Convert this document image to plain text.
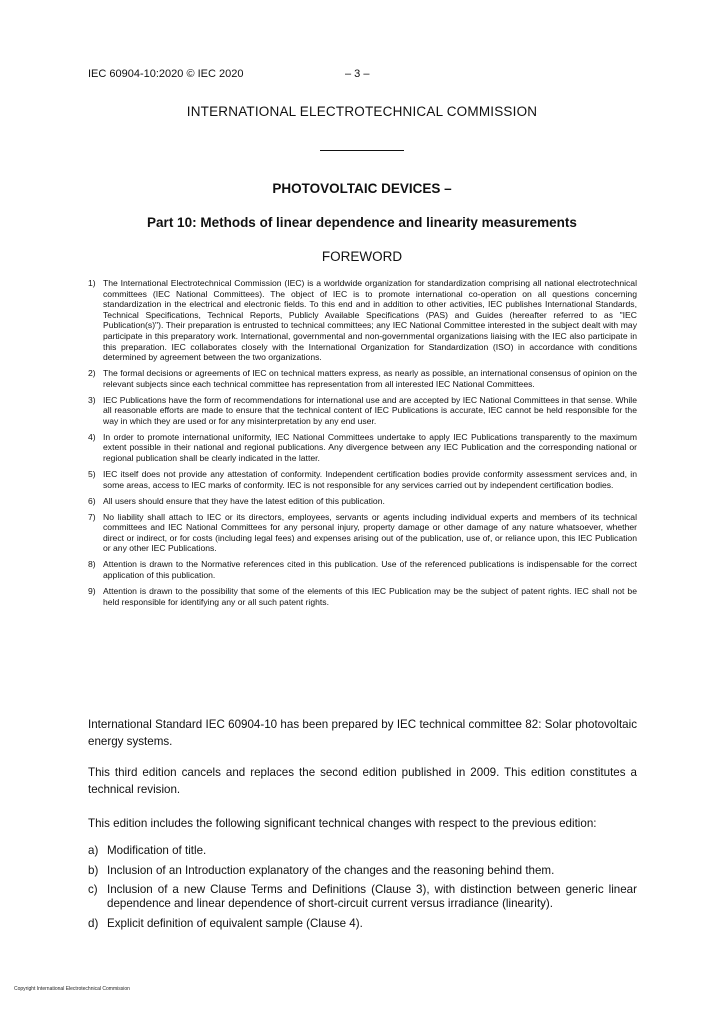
IEC 60904-10:2020 © IEC 2020	– 3 –
INTERNATIONAL ELECTROTECHNICAL COMMISSION
PHOTOVOLTAIC DEVICES –
Part 10: Methods of linear dependence and linearity measurements
FOREWORD
1) The International Electrotechnical Commission (IEC) is a worldwide organization for standardization comprising all national electrotechnical committees (IEC National Committees). The object of IEC is to promote international co-operation on all questions concerning standardization in the electrical and electronic fields. To this end and in addition to other activities, IEC publishes International Standards, Technical Specifications, Technical Reports, Publicly Available Specifications (PAS) and Guides (hereafter referred to as "IEC Publication(s)"). Their preparation is entrusted to technical committees; any IEC National Committee interested in the subject dealt with may participate in this preparatory work. International, governmental and non-governmental organizations liaising with the IEC also participate in this preparation. IEC collaborates closely with the International Organization for Standardization (ISO) in accordance with conditions determined by agreement between the two organizations.
2) The formal decisions or agreements of IEC on technical matters express, as nearly as possible, an international consensus of opinion on the relevant subjects since each technical committee has representation from all interested IEC National Committees.
3) IEC Publications have the form of recommendations for international use and are accepted by IEC National Committees in that sense. While all reasonable efforts are made to ensure that the technical content of IEC Publications is accurate, IEC cannot be held responsible for the way in which they are used or for any misinterpretation by any end user.
4) In order to promote international uniformity, IEC National Committees undertake to apply IEC Publications transparently to the maximum extent possible in their national and regional publications. Any divergence between any IEC Publication and the corresponding national or regional publication shall be clearly indicated in the latter.
5) IEC itself does not provide any attestation of conformity. Independent certification bodies provide conformity assessment services and, in some areas, access to IEC marks of conformity. IEC is not responsible for any services carried out by independent certification bodies.
6) All users should ensure that they have the latest edition of this publication.
7) No liability shall attach to IEC or its directors, employees, servants or agents including individual experts and members of its technical committees and IEC National Committees for any personal injury, property damage or other damage of any nature whatsoever, whether direct or indirect, or for costs (including legal fees) and expenses arising out of the publication, use of, or reliance upon, this IEC Publication or any other IEC Publications.
8) Attention is drawn to the Normative references cited in this publication. Use of the referenced publications is indispensable for the correct application of this publication.
9) Attention is drawn to the possibility that some of the elements of this IEC Publication may be the subject of patent rights. IEC shall not be held responsible for identifying any or all such patent rights.

International Standard IEC 60904-10 has been prepared by IEC technical committee 82: Solar photovoltaic energy systems.

This third edition cancels and replaces the second edition published in 2009. This edition constitutes a technical revision.

This edition includes the following significant technical changes with respect to the previous edition:

a) Modification of title.
b) Inclusion of an Introduction explanatory of the changes and the reasoning behind them.
c) Inclusion of a new Clause Terms and Definitions (Clause 3), with distinction between generic linear dependence and linear dependence of short-circuit current versus irradiance (linearity).
d) Explicit definition of equivalent sample (Clause 4).
Copyright International Electrotechnical Commission
